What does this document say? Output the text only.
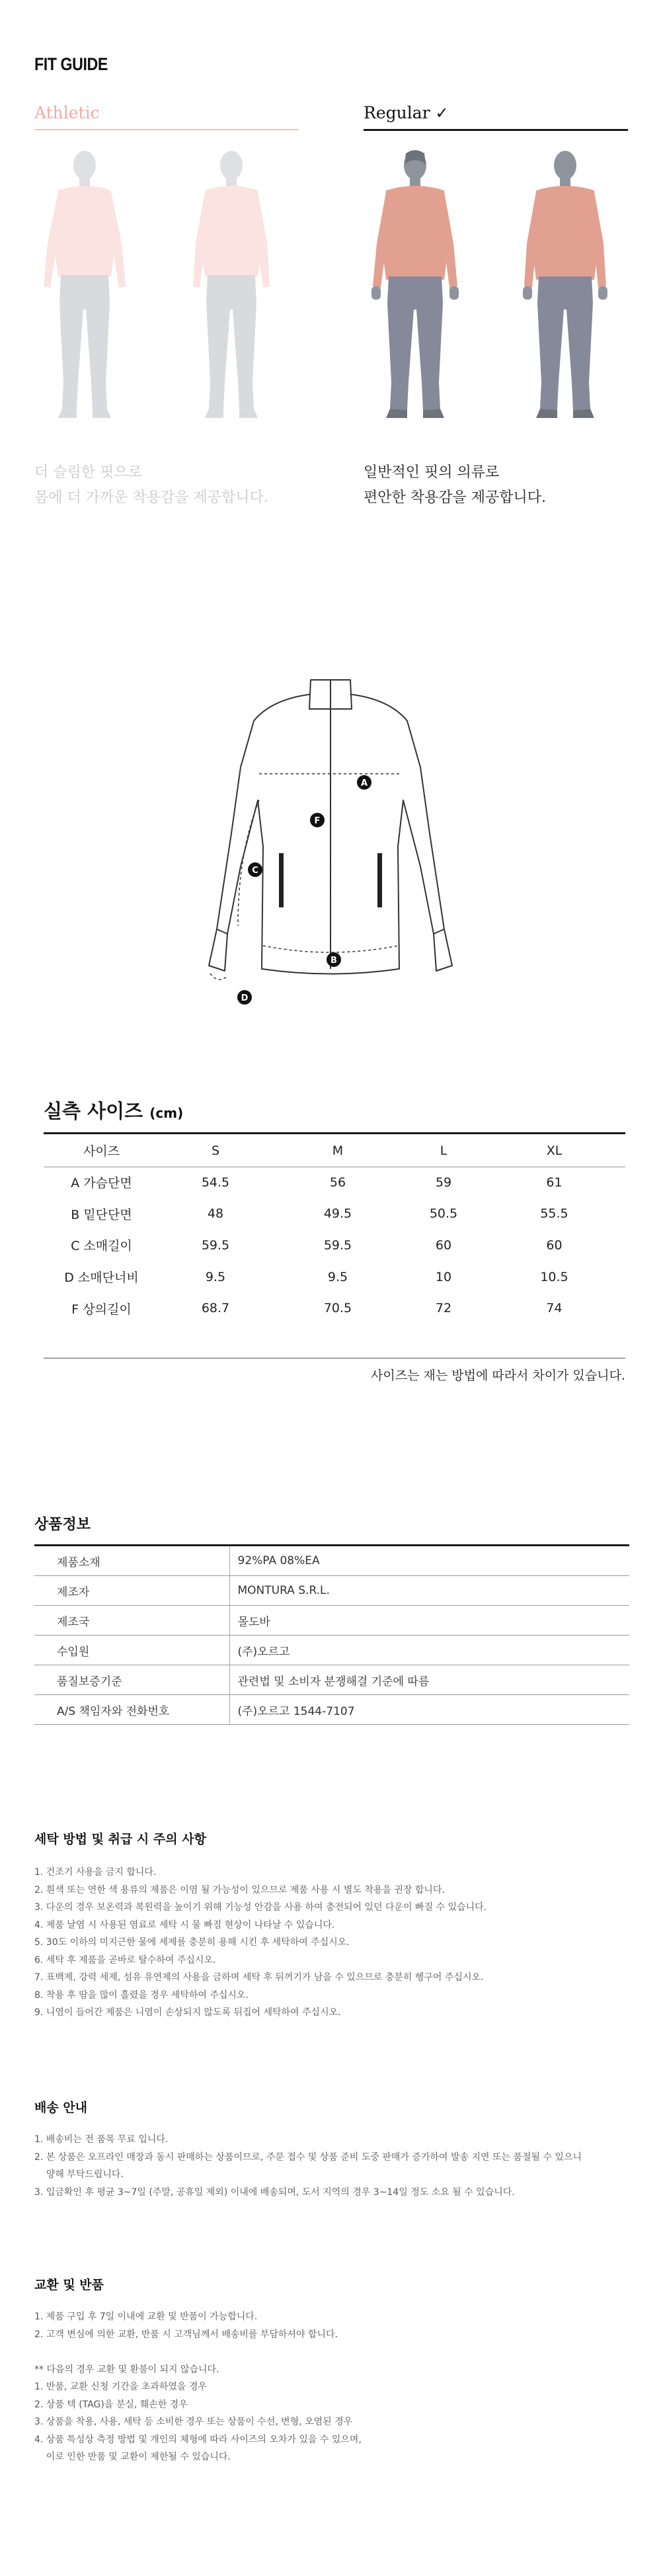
FIT GUIDE
Athletic	Regular ✓
더 슬림한 핏으로
몸에 더 가까운 착용감을 제공합니다.
일반적인 핏의 의류로
편안한 착용감을 제공합니다.
A
B
C
D
F
실측 사이즈 (cm)
사이즈	S	M	L	XL
A 가슴단면	54.5	56	59	61
B 밑단단면	48	49.5	50.5	55.5
C 소매길이	59.5	59.5	60	60
D 소매단너비	9.5	9.5	10	10.5
F 상의길이	68.7	70.5	72	74
사이즈는 재는 방법에 따라서 차이가 있습니다.
상품정보
제품소재	92%PA 08%EA
제조자	MONTURA S.R.L.
제조국	몰도바
수입원	(주)오르고
품질보증기준	관련법 및 소비자 분쟁해결 기준에 따름
A/S 책임자와 전화번호	(주)오르고 1544-7107
세탁 방법 및 취급 시 주의 사항
1. 건조기 사용을 금지 합니다.
2. 흰색 또는 연한 색 용류의 제품은 이염 될 가능성이 있으므로 제품 사용 시 별도 착용을 권장 합니다.
3. 다운의 경우 보온력과 복원력을 높이기 위해 기능성 안감을 사용 하여 충전되어 있던 다운이 빠질 수 있습니다.
4. 제품 날염 시 사용된 염료로 세탁 시 물 빠짐 현상이 나타날 수 있습니다.
5. 30도 이하의 미지근한 물에 세제를 충분히 용해 시킨 후 세탁하여 주십시오.
6. 세탁 후 제품을 곧바로 탈수하여 주십시오.
7. 표백제, 강력 세제, 섬유 유연제의 사용을 금하며 세탁 후 뒤꺼기가 남을 수 있으므로 충분히 헹구어 주십시오.
8. 착용 후 땀을 많이 흘렸을 경우 세탁하여 주십시오.
9. 니염이 들어간 제품은 니염이 손상되지 않도록 뒤집어 세탁하여 주십시오.
배송 안내
1. 배송비는 전 품목 무료 입니다.
2. 본 상품은 오프라인 매장과 동시 판매하는 상품이므로, 주문 접수 및 상품 준비 도중 판매가 증가하여 발송 지연 또는 품절될 수 있으니
양해 부탁드립니다.
3. 입금확인 후 평균 3~7일 (주말, 공휴일 제외) 이내에 배송되며, 도서 지역의 경우 3~14일 정도 소요 될 수 있습니다.
교환 및 반품
1. 제품 구입 후 7일 이내에 교환 및 반품이 가능합니다.
2. 고객 변심에 의한 교환, 반품 시 고객님께서 배송비를 부담하셔야 합니다.
** 다음의 경우 교환 및 환불이 되지 않습니다.
1. 반품, 교환 신청 기간을 초과하였을 경우
2. 상품 텍 (TAG)을 분실, 훼손한 경우
3. 상품을 착용, 사용, 세탁 등 소비한 경우 또는 상품이 수선, 변형, 오염된 경우
4. 상품 특성상 측정 방법 및 개인의 체형에 따라 사이즈의 오차가 있을 수 있으며,
이로 인한 반품 및 교환이 제한될 수 있습니다.
